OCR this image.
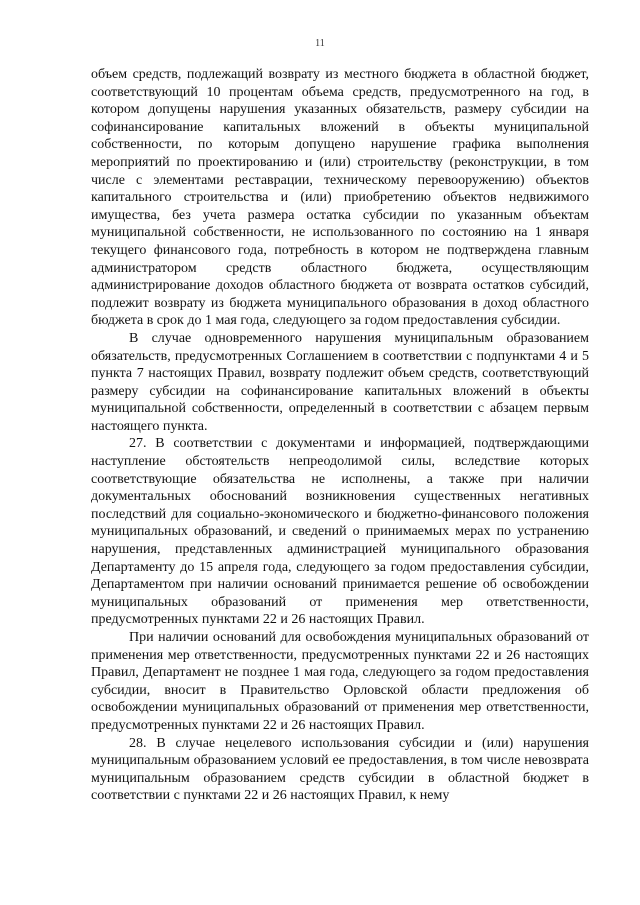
11

объем средств, подлежащий возврату из местного бюджета в областной бюджет, соответствующий 10 процентам объема средств, предусмотренного на год, в котором допущены нарушения указанных обязательств, размеру субсидии на софинансирование капитальных вложений в объекты муниципальной собственности, по которым допущено нарушение графика выполнения мероприятий по проектированию и (или) строительству (реконструкции, в том числе с элементами реставрации, техническому перевооружению) объектов капитального строительства и (или) приобретению объектов недвижимого имущества, без учета размера остатка субсидии по указанным объектам муниципальной собственности, не использованного по состоянию на 1 января текущего финансового года, потребность в котором не подтверждена главным администратором средств областного бюджета, осуществляющим администрирование доходов областного бюджета от возврата остатков субсидий, подлежит возврату из бюджета муниципального образования в доход областного бюджета в срок до 1 мая года, следующего за годом предоставления субсидии.

В случае одновременного нарушения муниципальным образованием обязательств, предусмотренных Соглашением в соответствии с подпунктами 4 и 5 пункта 7 настоящих Правил, возврату подлежит объем средств, соответствующий размеру субсидии на софинансирование капитальных вложений в объекты муниципальной собственности, определенный в соответствии с абзацем первым настоящего пункта.

27. В соответствии с документами и информацией, подтверждающими наступление обстоятельств непреодолимой силы, вследствие которых соответствующие обязательства не исполнены, а также при наличии документальных обоснований возникновения существенных негативных последствий для социально-экономического и бюджетно-финансового положения муниципальных образований, и сведений о принимаемых мерах по устранению нарушения, представленных администрацией муниципального образования Департаменту до 15 апреля года, следующего за годом предоставления субсидии, Департаментом при наличии оснований принимается решение об освобождении муниципальных образований от применения мер ответственности, предусмотренных пунктами 22 и 26 настоящих Правил.

При наличии оснований для освобождения муниципальных образований от применения мер ответственности, предусмотренных пунктами 22 и 26 настоящих Правил, Департамент не позднее 1 мая года, следующего за годом предоставления субсидии, вносит в Правительство Орловской области предложения об освобождении муниципальных образований от применения мер ответственности, предусмотренных пунктами 22 и 26 настоящих Правил.

28. В случае нецелевого использования субсидии и (или) нарушения муниципальным образованием условий ее предоставления, в том числе невозврата муниципальным образованием средств субсидии в областной бюджет в соответствии с пунктами 22 и 26 настоящих Правил, к нему
